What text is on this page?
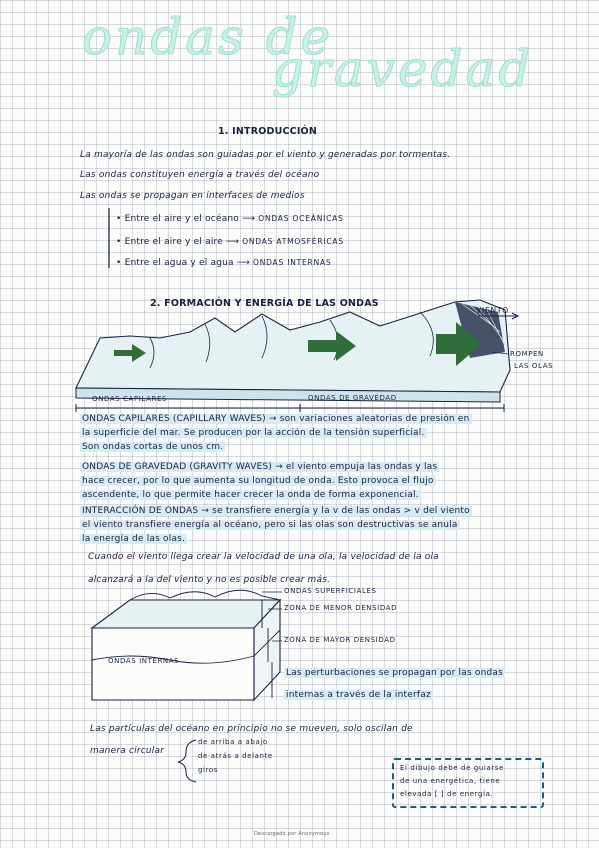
ondas de
gravedad
1. INTRODUCCIÓN
La mayoría de las ondas son guiadas por el viento y generadas por tormentas.
Las ondas constituyen energía a través del océano
Las ondas se propagan en interfaces de medios
• Entre el aire y el océano ⟶ ONDAS OCEÁNICAS
• Entre el aire y el aire ⟶ ONDAS ATMOSFÉRICAS
• Entre el agua y el agua ⟶ ONDAS INTERNAS
2. FORMACIÓN Y ENERGÍA DE LAS ONDAS
VIENTO
ROMPEN
LAS OLAS
ONDAS CAPILARES	ONDAS DE GRAVEDAD
ONDAS CAPILARES (CAPILLARY WAVES) → son variaciones aleatorias de presión en
la superficie del mar. Se producen por la acción de la tensión superficial.
Son ondas cortas de unos cm.
ONDAS DE GRAVEDAD (GRAVITY WAVES) → el viento empuja las ondas y las
hace crecer, por lo que aumenta su longitud de onda. Esto provoca el flujo
ascendente, lo que permite hacer crecer la onda de forma exponencial.
INTERACCIÓN DE ONDAS → se transfiere energía y la v de las ondas > v del viento
el viento transfiere energía al océano, pero si las olas son destructivas se anula
la energía de las olas.
Cuando el viento llega crear la velocidad de una ola, la velocidad de la ola
alcanzará a la del viento y no es posible crear más.
ONDAS SUPERFICIALES
ZONA DE MENOR DENSIDAD
ZONA DE MAYOR DENSIDAD
ONDAS INTERNAS
Las perturbaciones se propagan por las ondas
internas a través de la interfaz
Las partículas del océano en principio no se mueven, solo oscilan de
manera circular
de arriba a abajo
de atrás a delante
giros	El dibujo debe de guiarse
de una energética, tiene
elevada [ ] de energía.
Descargado por Anonymous
